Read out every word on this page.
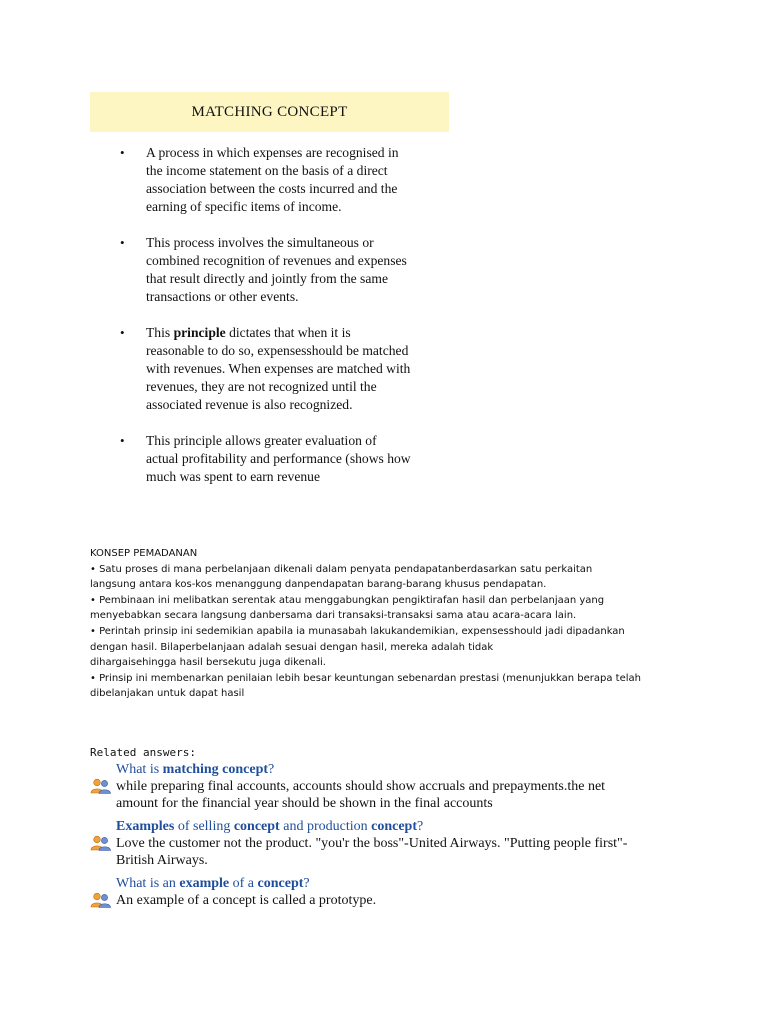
MATCHING CONCEPT
• A process in which expenses are recognised in
the income statement on the basis of a direct
association between the costs incurred and the
earning of specific items of income.
• This process involves the simultaneous or
combined recognition of revenues and expenses
that result directly and jointly from the same
transactions or other events.
• This principle dictates that when it is
reasonable to do so, expensesshould be matched
with revenues. When expenses are matched with
revenues, they are not recognized until the
associated revenue is also recognized.
• This principle allows greater evaluation of
actual profitability and performance (shows how
much was spent to earn revenue
KONSEP PEMADANAN
• Satu proses di mana perbelanjaan dikenali dalam penyata pendapatanberdasarkan satu perkaitan
langsung antara kos-kos menanggung danpendapatan barang-barang khusus pendapatan.
• Pembinaan ini melibatkan serentak atau menggabungkan pengiktirafan hasil dan perbelanjaan yang
menyebabkan secara langsung danbersama dari transaksi-transaksi sama atau acara-acara lain.
• Perintah prinsip ini sedemikian apabila ia munasabah lakukandemikian, expensesshould jadi dipadankan
dengan hasil. Bilaperbelanjaan adalah sesuai dengan hasil, mereka adalah tidak
dihargaisehingga hasil bersekutu juga dikenali.
• Prinsip ini membenarkan penilaian lebih besar keuntungan sebenardan prestasi (menunjukkan berapa telah
dibelanjakan untuk dapat hasil
Related answers:
What is matching concept?
while preparing final accounts, accounts should show accruals and prepayments.the net
amount for the financial year should be shown in the final accounts
Examples of selling concept and production concept?
Love the customer not the product. "you'r the boss"-United Airways. "Putting people first"-
British Airways.
What is an example of a concept?
An example of a concept is called a prototype.
